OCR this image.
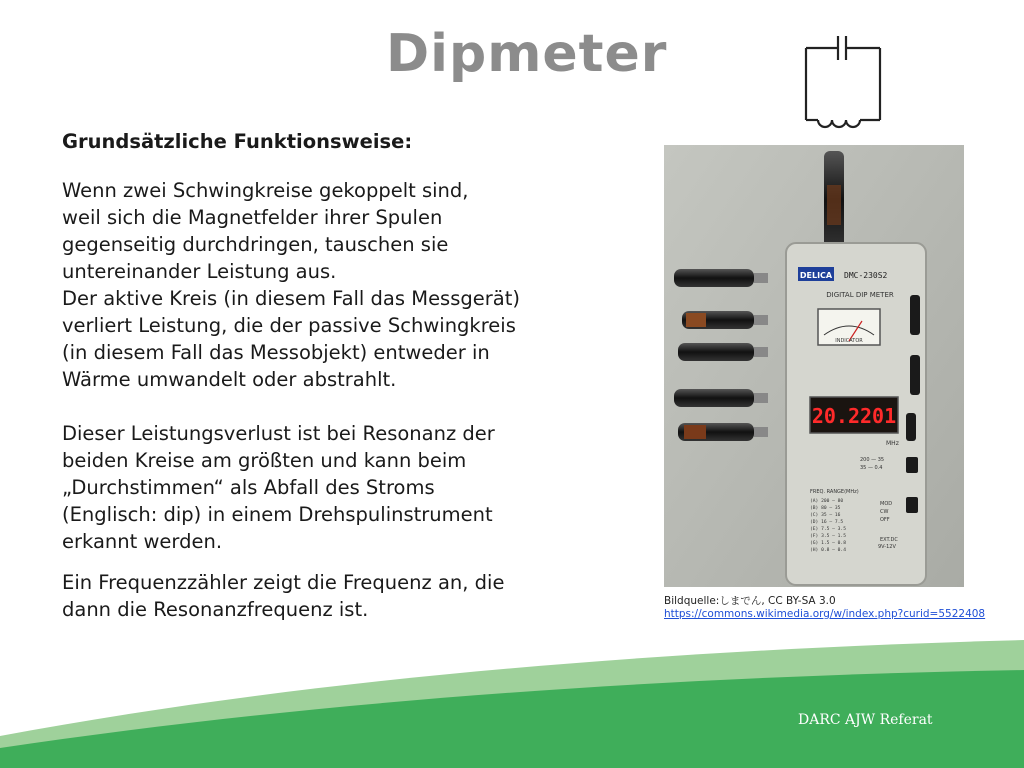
Dipmeter

Grundsätzliche Funktionsweise:

Wenn zwei Schwingkreise gekoppelt sind,

weil sich die Magnetfelder ihrer Spulen

gegenseitig durchdringen, tauschen sie

untereinander Leistung aus.

Der aktive Kreis (in diesem Fall das Messgerät)

verliert Leistung, die der passive Schwingkreis

(in diesem Fall das Messobjekt) entweder in

Wärme umwandelt oder abstrahlt.

Dieser Leistungsverlust ist bei Resonanz der

beiden Kreise am größten und kann beim

„Durchstimmen“ als Abfall des Stroms

(Englisch: dip) in einem Drehspulinstrument

erkannt werden.

Ein Frequenzzähler zeigt die Frequenz an, die

dann die Resonanzfrequenz ist.

DELICA DMC-230S2
DIGITAL DIP METER
INDICATOR
20.2201
MHz
200 — 35
35 — 0.4
FREQ. RANGE(MHz)
(A) 200 — 80
(B) 80 — 35
(C) 35 — 16
(D) 16 — 7.5
(E) 7.5 — 3.5
(F) 3.5 — 1.5
(G) 1.5 — 0.8
(H) 0.8 — 0.4
MOD
CW
OFF
EXT.DC
9V-12V
Bildquelle:しまでん, CC BY-SA 3.0
https://commons.wikimedia.org/w/index.php?curid=5522408
DARC AJW Referat
